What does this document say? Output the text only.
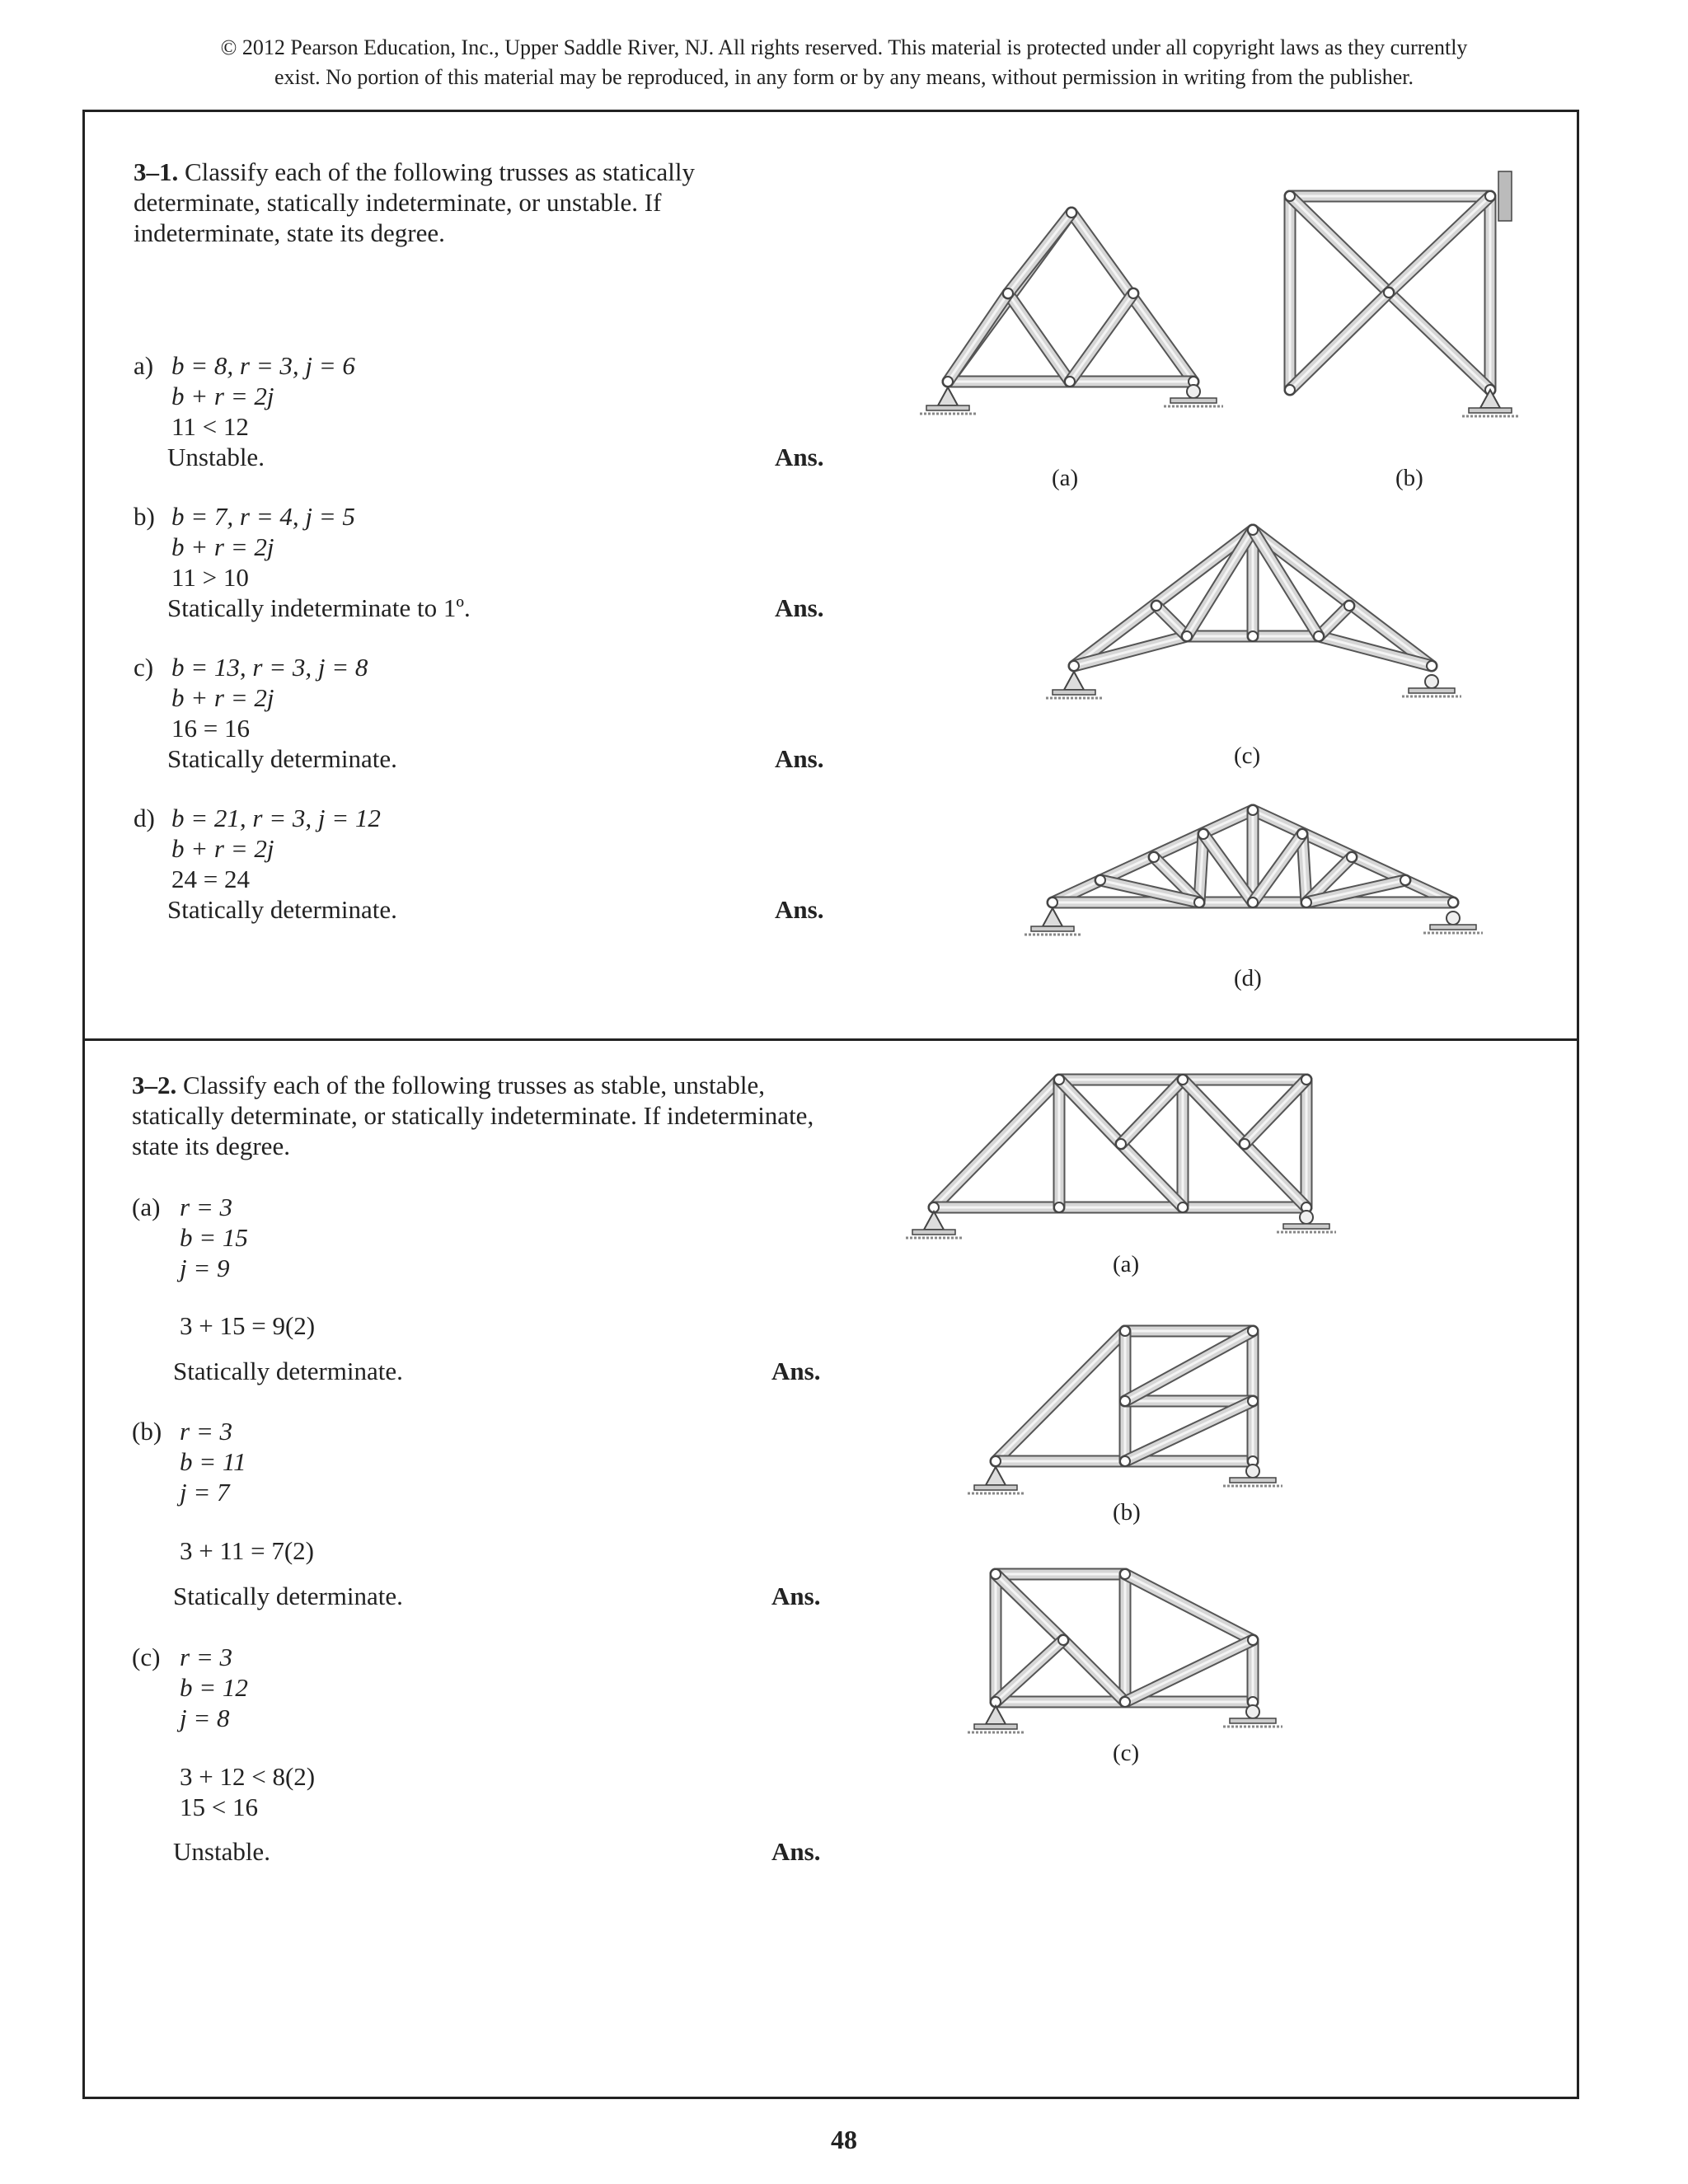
© 2012 Pearson Education, Inc., Upper Saddle River, NJ. All rights reserved. This material is protected under all copyright laws as they currently
exist. No portion of this material may be reproduced, in any form or by any means, without permission in writing from the publisher.
3–1. Classify each of the following trusses as statically
determinate, statically indeterminate, or unstable. If
indeterminate, state its degree.
a) b = 8, r = 3, j = 6
b + r = 2j
11 < 12
Unstable.	Ans.
b) b = 7, r = 4, j = 5
b + r = 2j
11 > 10
Statically indeterminate to 1º.	Ans.
c) b = 13, r = 3, j = 8
b + r = 2j
16 = 16
Statically determinate.	Ans.
d) b = 21, r = 3, j = 12
b + r = 2j
24 = 24
Statically determinate.	Ans.
(a)	(b)
(c)
(d)
3–2. Classify each of the following trusses as stable, unstable,
statically determinate, or statically indeterminate. If indeterminate,
state its degree.
(a) r = 3
b = 15
j = 9
3 + 15 = 9(2)
Statically determinate.	Ans.
(b) r = 3
b = 11
j = 7
3 + 11 = 7(2)
Statically determinate.	Ans.
(c) r = 3
b = 12
j = 8
3 + 12 < 8(2)
15 < 16
Unstable.	Ans.
(a)
(b)
(c)
48
